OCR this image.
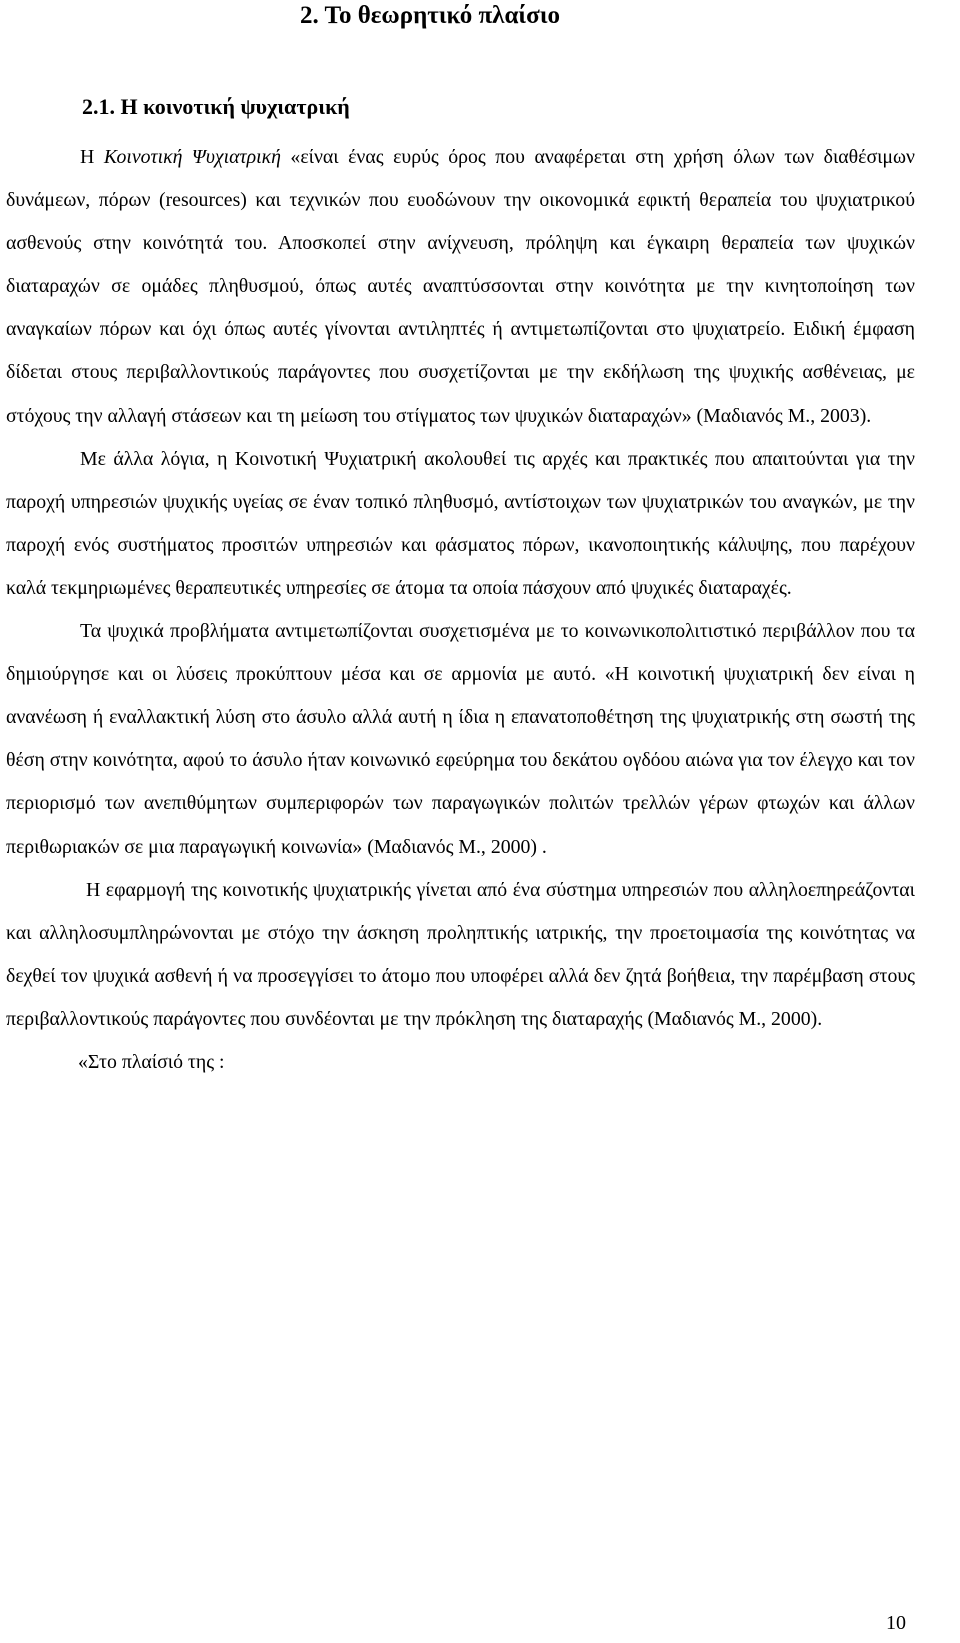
2. Το θεωρητικό πλαίσιο
2.1. Η κοινοτική ψυχιατρική

Η Κοινοτική Ψυχιατρική «είναι ένας ευρύς όρος που αναφέρεται στη χρήση όλων των διαθέσιμων δυνάμεων, πόρων (resources) και τεχνικών που ευοδώνουν την οικονομικά εφικτή θεραπεία του ψυχιατρικού ασθενούς στην κοινότητά του. Αποσκοπεί στην ανίχνευση, πρόληψη και έγκαιρη θεραπεία των ψυχικών διαταραχών σε ομάδες πληθυσμού, όπως αυτές αναπτύσσονται στην κοινότητα με την κινητοποίηση των αναγκαίων πόρων και όχι όπως αυτές γίνονται αντιληπτές ή αντιμετωπίζονται στο ψυχιατρείο. Ειδική έμφαση δίδεται στους περιβαλλοντικούς παράγοντες που συσχετίζονται με την εκδήλωση της ψυχικής ασθένειας, με στόχους την αλλαγή στάσεων και τη μείωση του στίγματος των ψυχικών διαταραχών» (Μαδιανός Μ., 2003).

Με άλλα λόγια, η Κοινοτική Ψυχιατρική ακολουθεί τις αρχές και πρακτικές που απαιτούνται για την παροχή υπηρεσιών ψυχικής υγείας σε έναν τοπικό πληθυσμό, αντίστοιχων των ψυχιατρικών του αναγκών, με την παροχή ενός συστήματος προσιτών υπηρεσιών και φάσματος πόρων, ικανοποιητικής κάλυψης, που παρέχουν καλά τεκμηριωμένες θεραπευτικές υπηρεσίες σε άτομα τα οποία πάσχουν από ψυχικές διαταραχές.

Τα ψυχικά προβλήματα αντιμετωπίζονται συσχετισμένα με το κοινωνικοπολιτιστικό περιβάλλον που τα δημιούργησε και οι λύσεις προκύπτουν μέσα και σε αρμονία με αυτό. «Η κοινοτική ψυχιατρική δεν είναι η ανανέωση ή εναλλακτική λύση στο άσυλο αλλά αυτή η ίδια η επανατοποθέτηση της ψυχιατρικής στη σωστή της θέση στην κοινότητα, αφού το άσυλο ήταν κοινωνικό εφεύρημα του δεκάτου ογδόου αιώνα για τον έλεγχο και τον περιορισμό των ανεπιθύμητων συμπεριφορών των παραγωγικών πολιτών τρελλών γέρων φτωχών και άλλων περιθωριακών σε μια παραγωγική κοινωνία» (Μαδιανός Μ., 2000) .

Η εφαρμογή της κοινοτικής ψυχιατρικής γίνεται από ένα σύστημα υπηρεσιών που αλληλοεπηρεάζονται και αλληλοσυμπληρώνονται με στόχο την άσκηση προληπτικής ιατρικής, την προετοιμασία της κοινότητας να δεχθεί τον ψυχικά ασθενή ή να προσεγγίσει το άτομο που υποφέρει αλλά δεν ζητά βοήθεια, την παρέμβαση στους περιβαλλοντικούς παράγοντες που συνδέονται με την πρόκληση της διαταραχής (Μαδιανός Μ., 2000).

«Στο πλαίσιό της :

10
